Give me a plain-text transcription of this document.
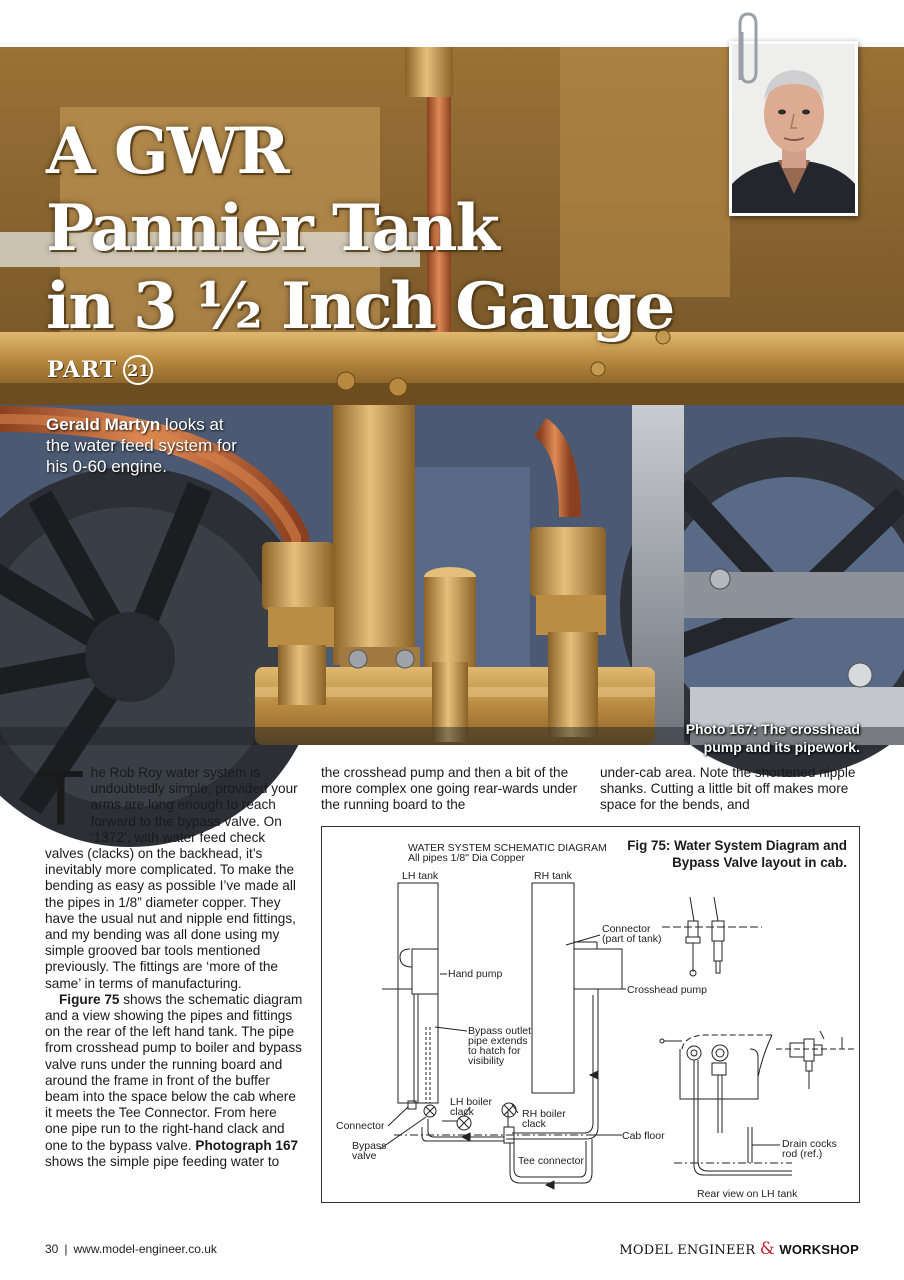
A GWR
Pannier Tank
in 3 ½ Inch Gauge
PART 21
Gerald Martyn looks at the water feed system for his 0-60 engine.
Photo 167: The crosshead pump and its pipework.

The Rob Roy water system is undoubtedly simple, provided your arms are long enough to reach forward to the bypass valve. On ‘1372’, with water feed check valves (clacks) on the backhead, it’s inevitably more complicated. To make the bending as easy as possible I’ve made all the pipes in 1/8” diameter copper. They have the usual nut and nipple end fittings, and my bending was all done using my simple grooved bar tools mentioned previously. The fittings are ‘more of the same’ in terms of manufacturing.

Figure 75 shows the schematic diagram and a view showing the pipes and fittings on the rear of the left hand tank. The pipe from crosshead pump to boiler and bypass valve runs under the running board and around the frame in front of the buffer beam into the space below the cab where it meets the Tee Connector. From here one pipe run to the right-hand clack and one to the bypass valve. Photograph 167 shows the simple pipe feeding water to

the crosshead pump and then a bit of the more complex one going rear-wards under the running board to the

under-cab area. Note the shortened nipple shanks. Cutting a little bit off makes more space for the bends, and

WATER SYSTEM SCHEMATIC DIAGRAM
All pipes 1/8" Dia Copper
LH tank	RH tank
Connector
(part of tank)
Hand pump
Crosshead pump
Bypass outlet
pipe extends
to hatch for
visibility
LH boiler
clack	RH boiler
clack
Connector
Bypass
valve
Cab floor
Tee connector
Drain cocks
rod (ref.)
Rear view on LH tank
Fig 75: Water System Diagram and Bypass Valve layout in cab.
30 | www.model-engineer.co.uk	MODEL ENGINEER & WORKSHOP
